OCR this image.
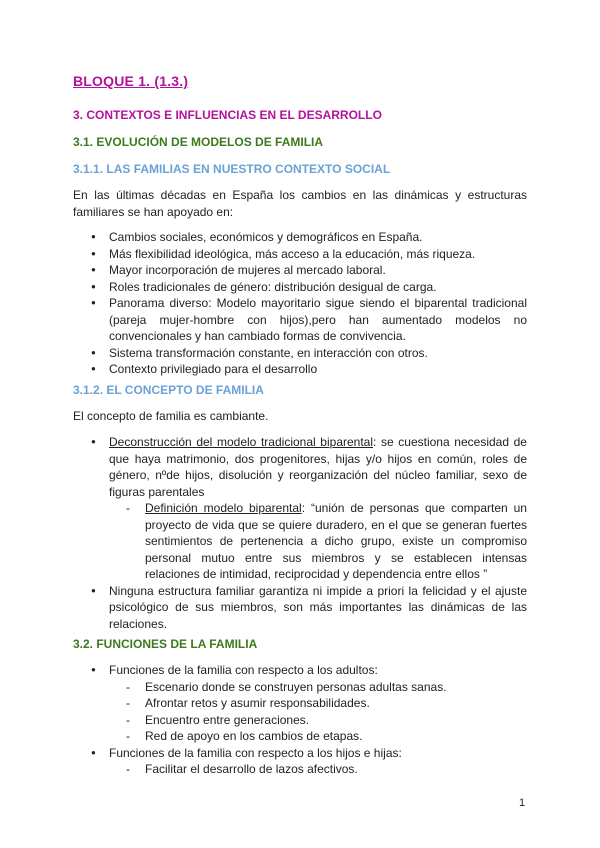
BLOQUE 1. (1.3.)
3. CONTEXTOS E INFLUENCIAS EN EL DESARROLLO
3.1. EVOLUCIÓN DE MODELOS DE FAMILIA
3.1.1. LAS FAMILIAS EN NUESTRO CONTEXTO SOCIAL
En las últimas décadas en España los cambios en las dinámicas y estructuras familiares se han apoyado en:
● Cambios sociales, económicos y demográficos en España.
● Más flexibilidad ideológica, más acceso a la educación, más riqueza.
● Mayor incorporación de mujeres al mercado laboral.
● Roles tradicionales de género: distribución desigual de carga.
● Panorama diverso: Modelo mayoritario sigue siendo el biparental tradicional (pareja mujer-hombre con hijos),pero han aumentado modelos no convencionales y han cambiado formas de convivencia.
● Sistema transformación constante, en interacción con otros.
● Contexto privilegiado para el desarrollo
3.1.2. EL CONCEPTO DE FAMILIA
El concepto de familia es cambiante.
● Deconstrucción del modelo tradicional biparental: se cuestiona necesidad de que haya matrimonio, dos progenitores, hijas y/o hijos en común, roles de género, nºde hijos, disolución y reorganización del núcleo familiar, sexo de figuras parentales
- Definición modelo biparental: “unión de personas que comparten un proyecto de vida que se quiere duradero, en el que se generan fuertes sentimientos de pertenencia a dicho grupo, existe un compromiso personal mutuo entre sus miembros y se establecen intensas relaciones de intimidad, reciprocidad y dependencia entre ellos ”
● Ninguna estructura familiar garantiza ni impide a priori la felicidad y el ajuste psicológico de sus miembros, son más importantes las dinámicas de las relaciones.
3.2. FUNCIONES DE LA FAMILIA
● Funciones de la familia con respecto a los adultos:
- Escenario donde se construyen personas adultas sanas.
- Afrontar retos y asumir responsabilidades.
- Encuentro entre generaciones.
- Red de apoyo en los cambios de etapas.
● Funciones de la familia con respecto a los hijos e hijas:
- Facilitar el desarrollo de lazos afectivos.
1
